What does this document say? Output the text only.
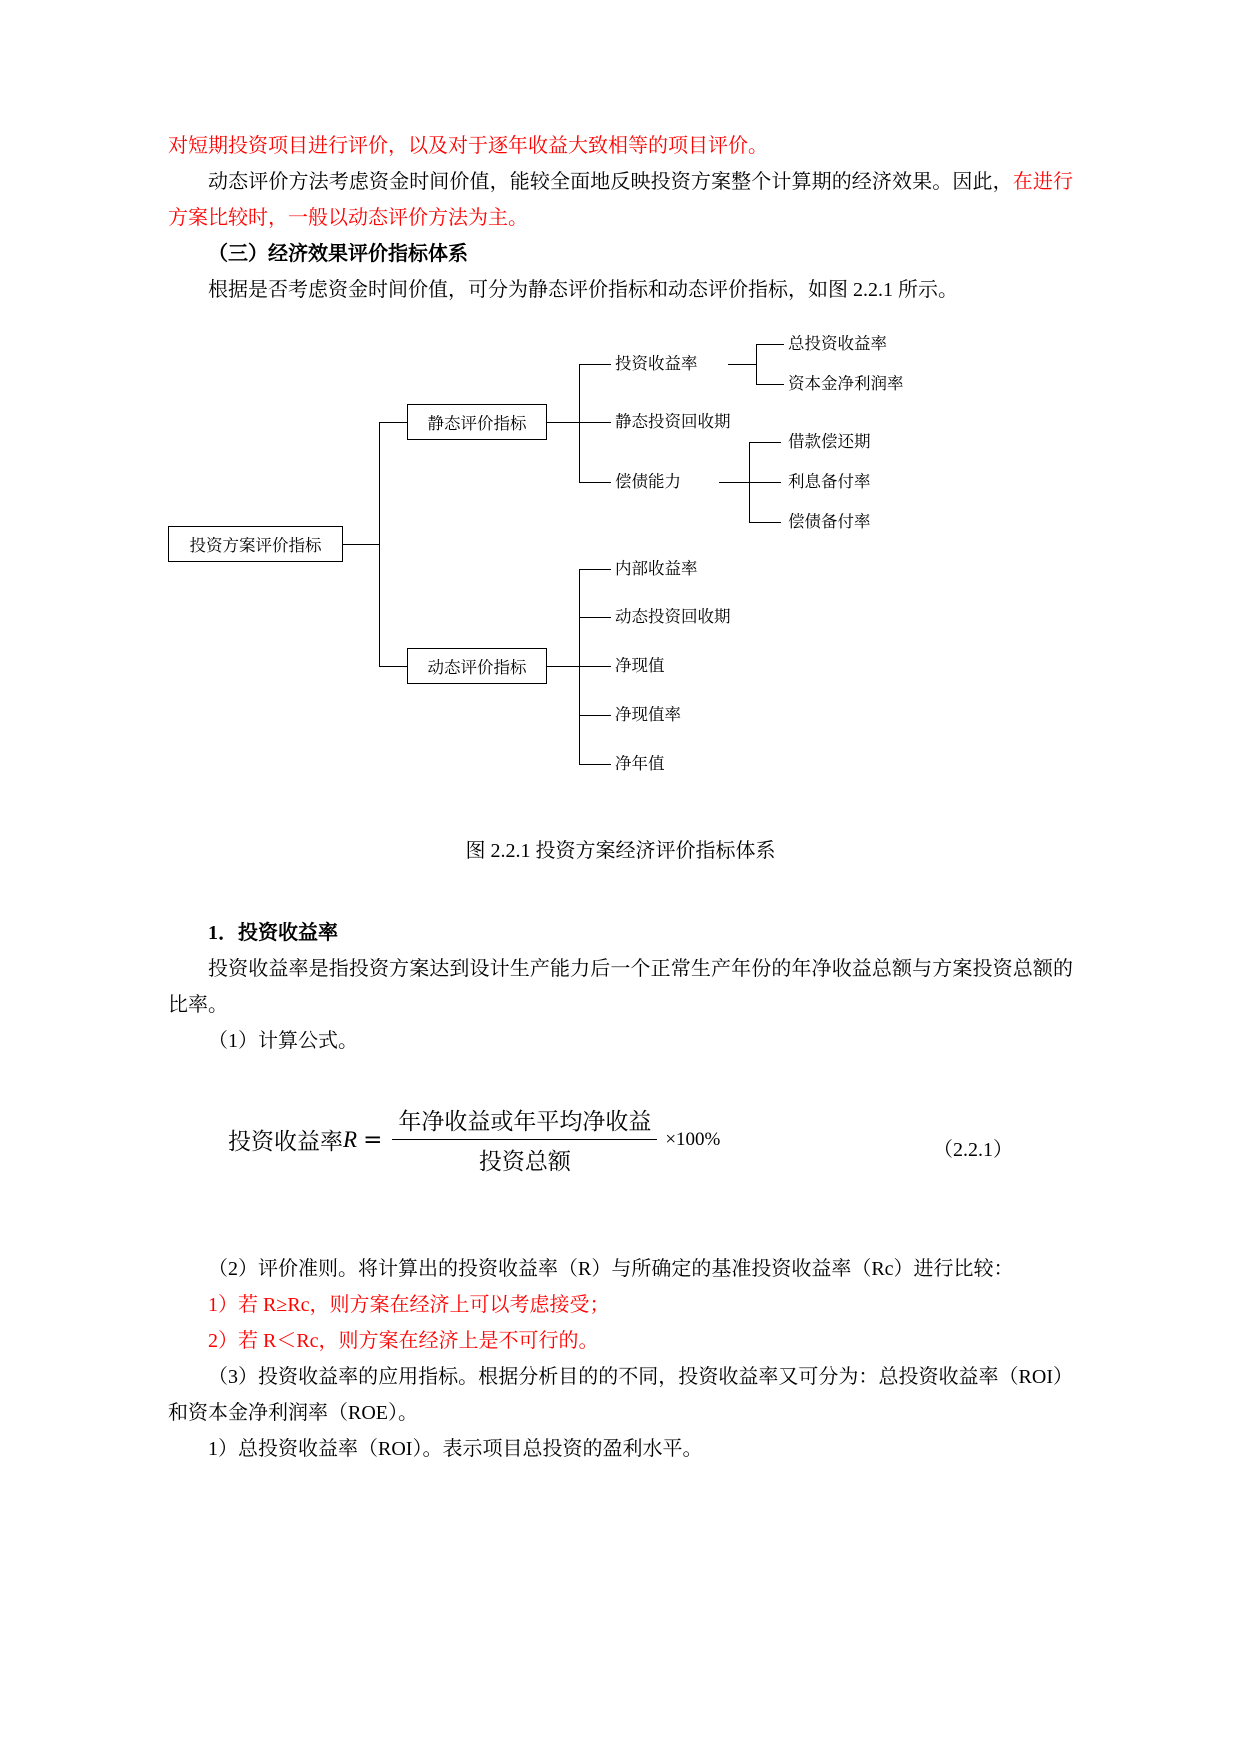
对短期投资项目进行评价，以及对于逐年收益大致相等的项目评价。

动态评价方法考虑资金时间价值，能较全面地反映投资方案整个计算期的经济效果。因此，在进行方案比较时，一般以动态评价方法为主。

（三）经济效果评价指标体系

根据是否考虑资金时间价值，可分为静态评价指标和动态评价指标，如图 2.2.1 所示。

投资方案评价指标
静态评价指标
动态评价指标
投资收益率
静态投资回收期
偿债能力
总投资收益率
资本金净利润率
借款偿还期
利息备付率
偿债备付率
内部收益率
动态投资回收期
净现值
净现值率
净年值
图 2.2.1 投资方案经济评价指标体系

1．投资收益率

投资收益率是指投资方案达到设计生产能力后一个正常生产年份的年净收益总额与方案投资总额的比率。

（1）计算公式。

投资收益率 $R = \frac{\text{年净收益或年平均净收益}}{\text{投资总额}} \times 100\%$	（2.2.1）

（2）评价准则。将计算出的投资收益率（R）与所确定的基准投资收益率（Rc）进行比较：

1）若 R≥Rc，则方案在经济上可以考虑接受；

2）若 R＜Rc，则方案在经济上是不可行的。

（3）投资收益率的应用指标。根据分析目的的不同，投资收益率又可分为：总投资收益率（ROI）和资本金净利润率（ROE）。

1）总投资收益率（ROI）。表示项目总投资的盈利水平。
